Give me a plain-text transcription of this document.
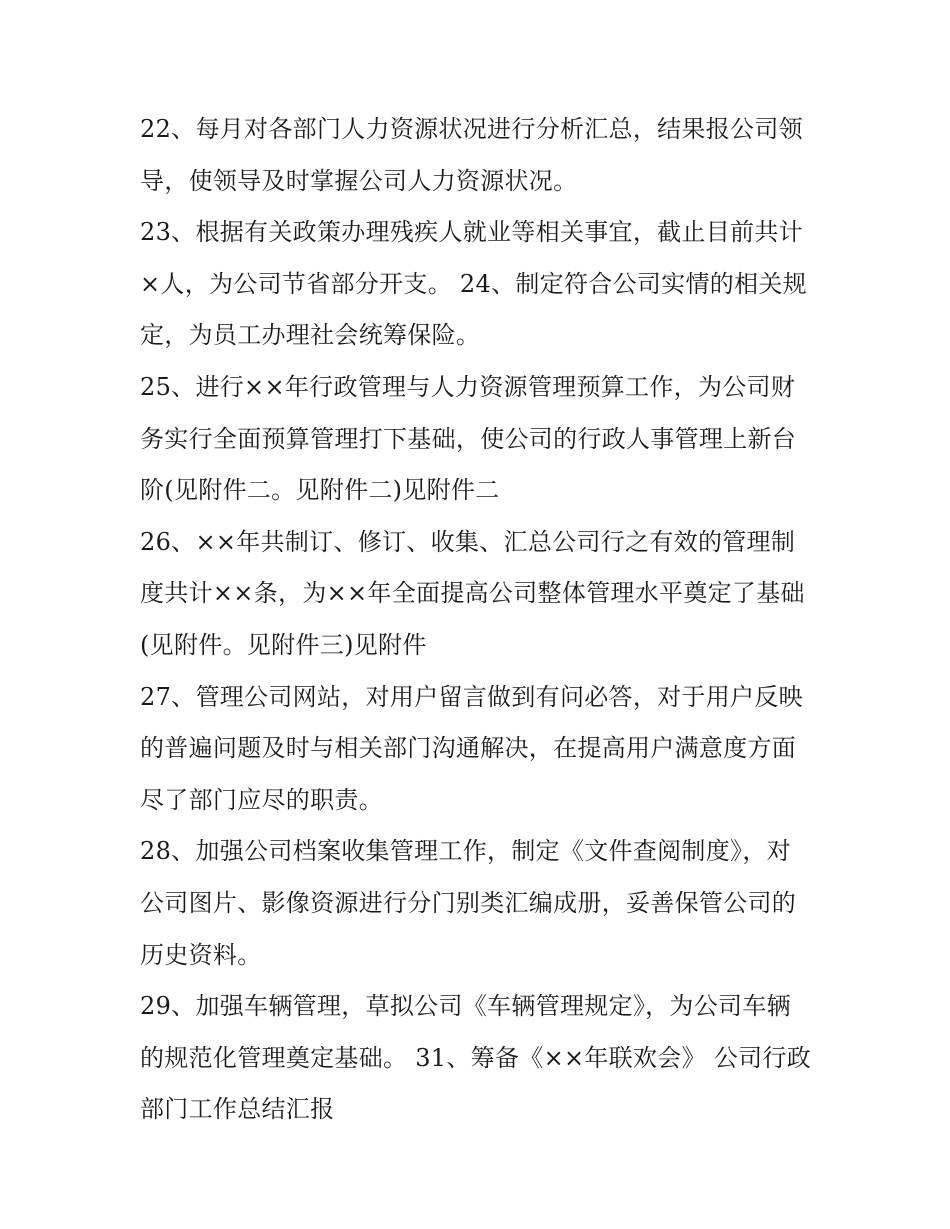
22、每月对各部门人力资源状况进行分析汇总，结果报公司领
导，使领导及时掌握公司人力资源状况。
23、根据有关政策办理残疾人就业等相关事宜，截止目前共计
×人，为公司节省部分开支。 24、制定符合公司实情的相关规
定，为员工办理社会统筹保险。
25、进行××年行政管理与人力资源管理预算工作，为公司财
务实行全面预算管理打下基础，使公司的行政人事管理上新台
阶(见附件二。见附件二)见附件二
26、××年共制订、修订、收集、汇总公司行之有效的管理制
度共计××条，为××年全面提高公司整体管理水平奠定了基础
(见附件。见附件三)见附件
27、管理公司网站，对用户留言做到有问必答，对于用户反映
的普遍问题及时与相关部门沟通解决，在提高用户满意度方面
尽了部门应尽的职责。
28、加强公司档案收集管理工作，制定《文件查阅制度》，对
公司图片、影像资源进行分门别类汇编成册，妥善保管公司的
历史资料。
29、加强车辆管理，草拟公司《车辆管理规定》，为公司车辆
的规范化管理奠定基础。 31、筹备《××年联欢会》 公司行政
部门工作总结汇报
